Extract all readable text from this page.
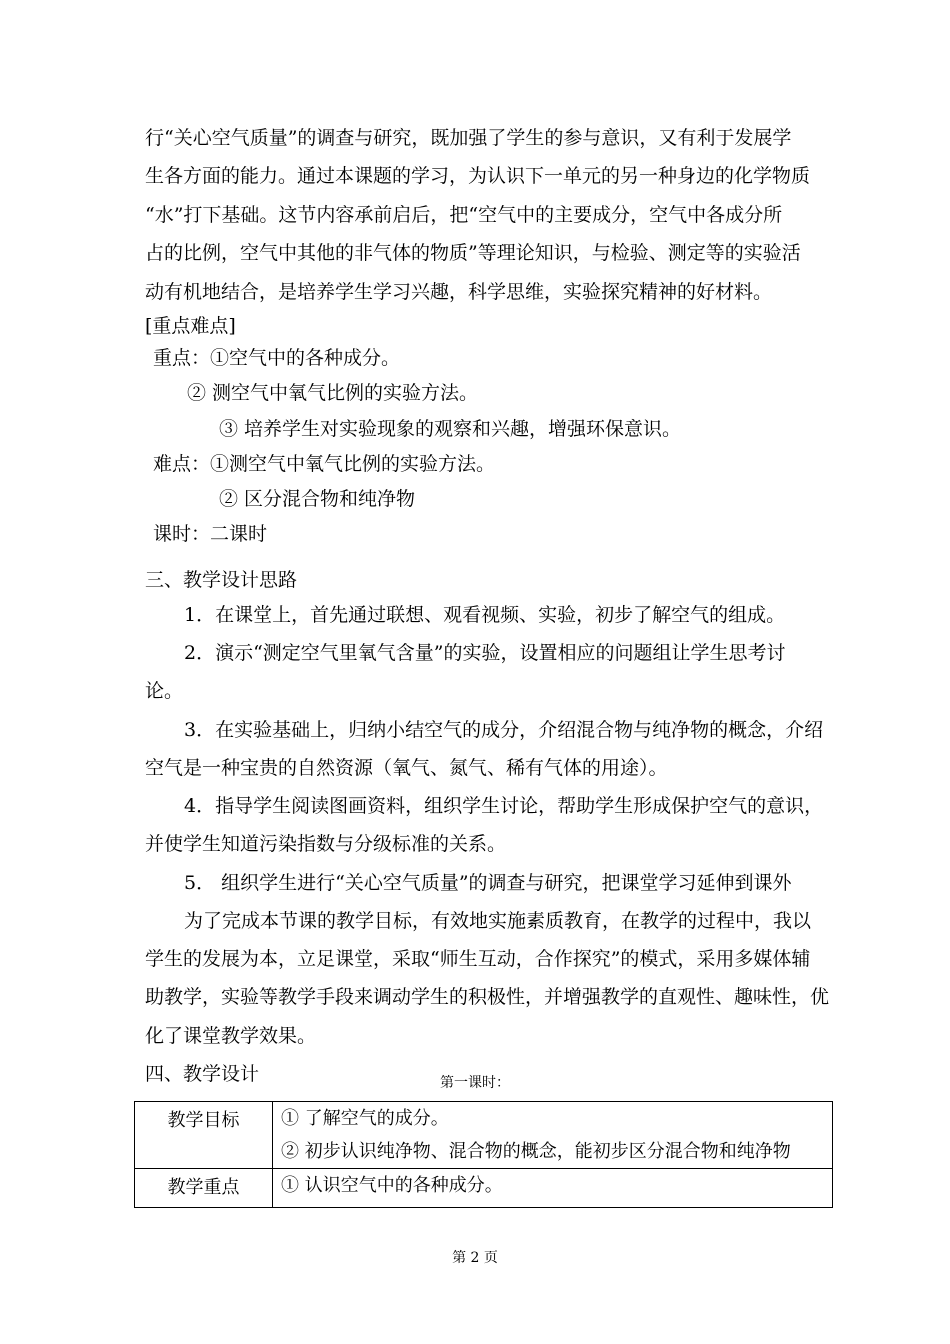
行“关心空气质量”的调查与研究，既加强了学生的参与意识，又有利于发展学
生各方面的能力。通过本课题的学习，为认识下一单元的另一种身边的化学物质
“水”打下基础。这节内容承前启后，把“空气中的主要成分，空气中各成分所
占的比例，空气中其他的非气体的物质”等理论知识，与检验、测定等的实验活
动有机地结合，是培养学生学习兴趣，科学思维，实验探究精神的好材料。
[重点难点]
重点：①空气中的各种成分。
② 测空气中氧气比例的实验方法。
③ 培养学生对实验现象的观察和兴趣，增强环保意识。
难点：①测空气中氧气比例的实验方法。
② 区分混合物和纯净物
课时：二课时
三、教学设计思路
1．在课堂上，首先通过联想、观看视频、实验，初步了解空气的组成。
2．演示“测定空气里氧气含量”的实验，设置相应的问题组让学生思考讨
论。
3．在实验基础上，归纳小结空气的成分，介绍混合物与纯净物的概念，介绍
空气是一种宝贵的自然资源（氧气、氮气、稀有气体的用途）。
4．指导学生阅读图画资料，组织学生讨论，帮助学生形成保护空气的意识，
并使学生知道污染指数与分级标准的关系。
5． 组织学生进行“关心空气质量”的调查与研究，把课堂学习延伸到课外
为了完成本节课的教学目标，有效地实施素质教育，在教学的过程中，我以
学生的发展为本，立足课堂，采取“师生互动，合作探究”的模式，采用多媒体辅
助教学，实验等教学手段来调动学生的积极性，并增强教学的直观性、趣味性，优
化了课堂教学效果。
四、教学设计	第一课时：
教学目标	① 了解空气的成分。
② 初步认识纯净物、混合物的概念，能初步区分混合物和纯净物

教学重点	① 认识空气中的各种成分。
第 2 页
